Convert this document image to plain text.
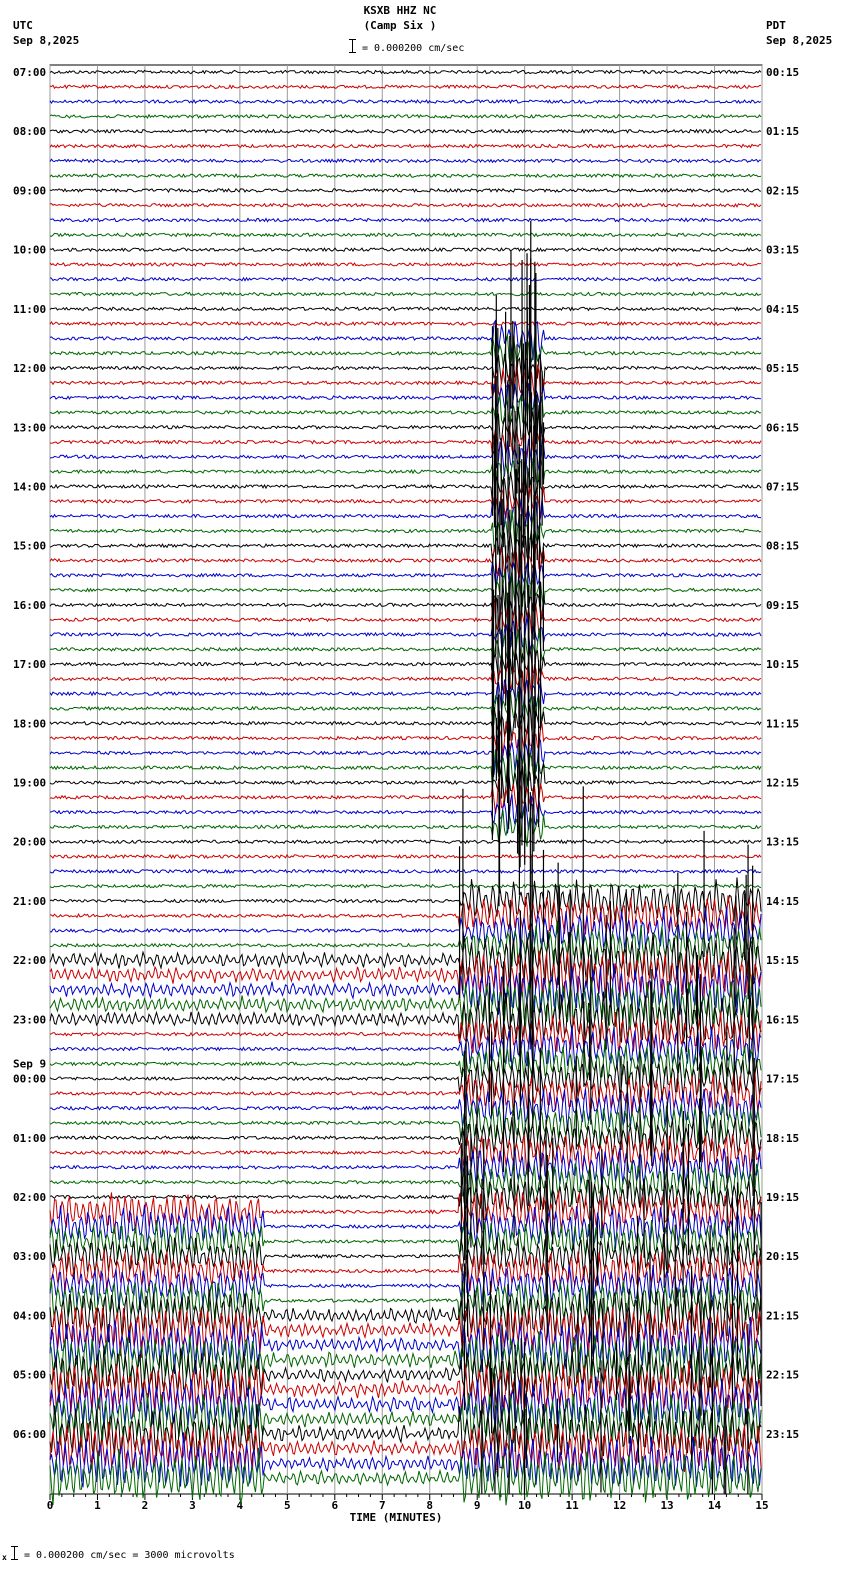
KSXB HHZ NC
(Camp Six )
= 0.000200 cm/sec
UTC
Sep 8,2025
PDT
Sep 8,2025
0	1	2	3	4	5	6	7	8	9	10	11	12	13	14	15
TIME (MINUTES)
07:00
08:00
09:00
10:00
11:00
12:00
13:00
14:00
15:00
16:00
17:00
18:00
19:00
20:00
21:00
22:00
23:00
00:00
Sep 9
01:00
02:00
03:00
04:00
05:00
06:00
00:15
01:15
02:15
03:15
04:15
05:15
06:15
07:15
08:15
09:15
10:15
11:15
12:15
13:15
14:15
15:15
16:15
17:15
18:15
19:15
20:15
21:15
22:15
23:15
x = 0.000200 cm/sec = 3000 microvolts
